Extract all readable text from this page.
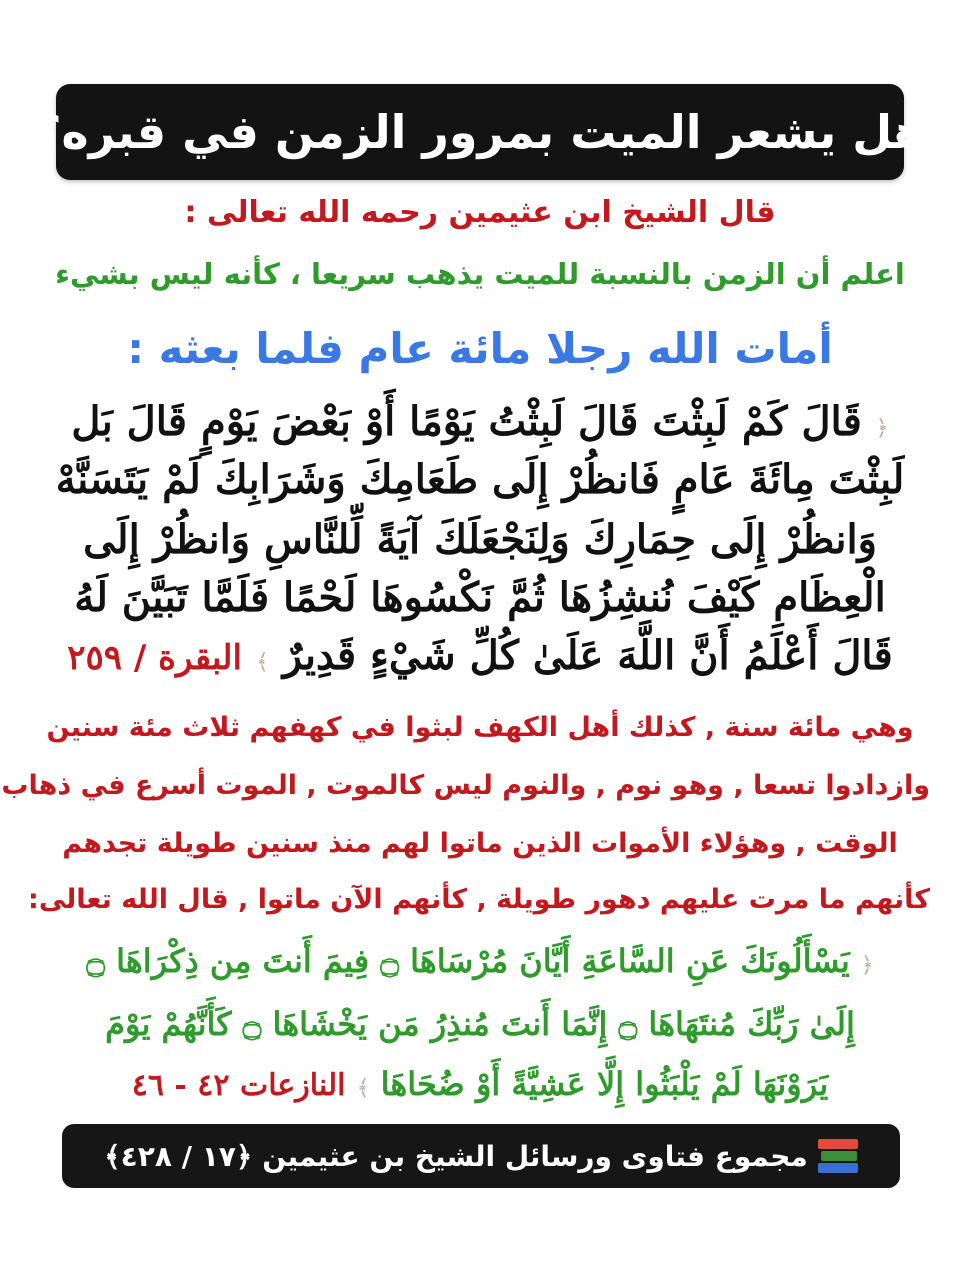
هل يشعر الميت بمرور الزمن في قبره؟
قال الشيخ ابن عثيمين رحمه الله تعالى :
اعلم أن الزمن بالنسبة للميت يذهب سريعا ، كأنه ليس بشيء
أمات الله رجلا مائة عام فلما بعثه :
﴿ قَالَ كَمْ لَبِثْتَ قَالَ لَبِثْتُ يَوْمًا أَوْ بَعْضَ يَوْمٍ قَالَ بَل
لَبِثْتَ مِائَةَ عَامٍ فَانظُرْ إِلَى طَعَامِكَ وَشَرَابِكَ لَمْ يَتَسَنَّهْ
وَانظُرْ إِلَى حِمَارِكَ وَلِنَجْعَلَكَ آيَةً لِّلنَّاسِ وَانظُرْ إِلَى
الْعِظَامِ كَيْفَ نُنشِزُهَا ثُمَّ نَكْسُوهَا لَحْمًا فَلَمَّا تَبَيَّنَ لَهُ
قَالَ أَعْلَمُ أَنَّ اللَّهَ عَلَىٰ كُلِّ شَيْءٍ قَدِيرٌ ﴾ البقرة / ٢٥٩
وهي مائة سنة , كذلك أهل الكهف لبثوا في كهفهم ثلاث مئة سنين
وازدادوا تسعا , وهو نوم , والنوم ليس كالموت , الموت أسرع في ذهاب
الوقت , وهؤلاء الأموات الذين ماتوا لهم منذ سنين طويلة تجدهم
كأنهم ما مرت عليهم دهور طويلة , كأنهم الآن ماتوا , قال الله تعالى:
﴿ يَسْأَلُونَكَ عَنِ السَّاعَةِ أَيَّانَ مُرْسَاهَا ۝ فِيمَ أَنتَ مِن ذِكْرَاهَا ۝
إِلَىٰ رَبِّكَ مُنتَهَاهَا ۝ إِنَّمَا أَنتَ مُنذِرُ مَن يَخْشَاهَا ۝ كَأَنَّهُمْ يَوْمَ
يَرَوْنَهَا لَمْ يَلْبَثُوا إِلَّا عَشِيَّةً أَوْ ضُحَاهَا ﴾ النازعات ٤٢ - ٤٦
مجموع فتاوى ورسائل الشيخ بن عثيمين
﴿١٧ / ٤٢٨﴾
